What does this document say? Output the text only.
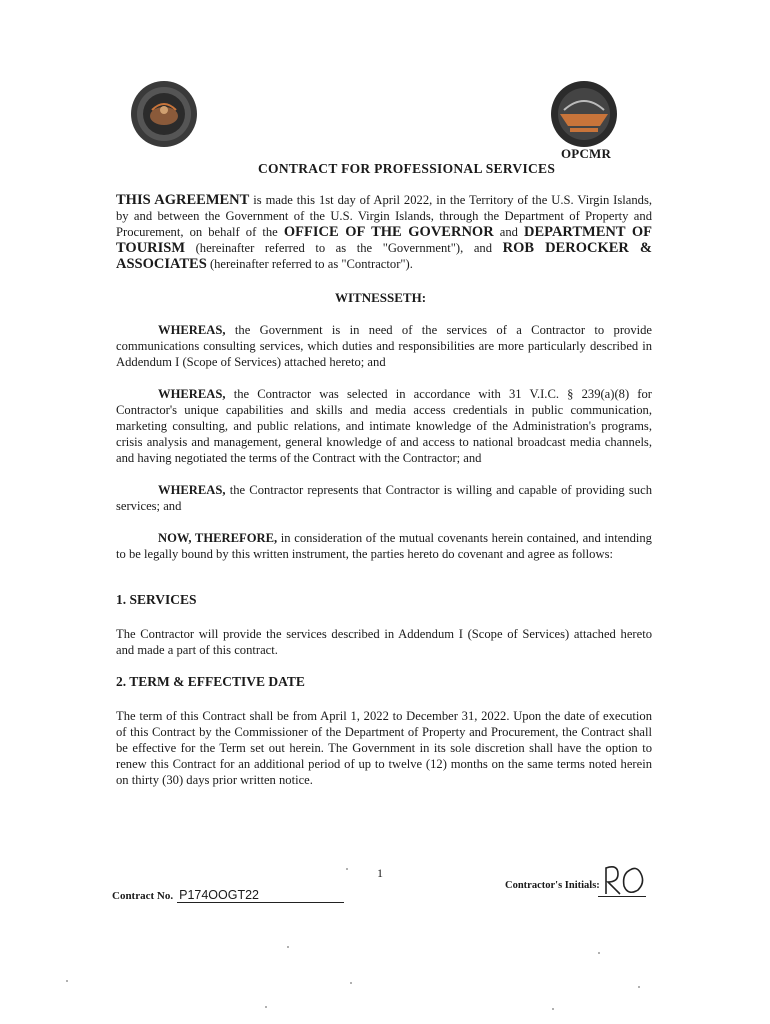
OPCMR
CONTRACT FOR PROFESSIONAL SERVICES

THIS AGREEMENT is made this 1st day of April 2022, in the Territory of the U.S. Virgin Islands, by and between the Government of the U.S. Virgin Islands, through the Department of Property and Procurement, on behalf of the OFFICE OF THE GOVERNOR and DEPARTMENT OF TOURISM (hereinafter referred to as the "Government"), and ROB DEROCKER & ASSOCIATES (hereinafter referred to as "Contractor").

WITNESSETH:

WHEREAS, the Government is in need of the services of a Contractor to provide communications consulting services, which duties and responsibilities are more particularly described in Addendum I (Scope of Services) attached hereto; and

WHEREAS, the Contractor was selected in accordance with 31 V.I.C. § 239(a)(8) for Contractor's unique capabilities and skills and media access credentials in public communication, marketing consulting, and public relations, and intimate knowledge of the Administration's programs, crisis analysis and management, general knowledge of and access to national broadcast media channels, and having negotiated the terms of the Contract with the Contractor; and

WHEREAS, the Contractor represents that Contractor is willing and capable of providing such services; and

NOW, THEREFORE, in consideration of the mutual covenants herein contained, and intending to be legally bound by this written instrument, the parties hereto do covenant and agree as follows:

1. SERVICES

The Contractor will provide the services described in Addendum I (Scope of Services) attached hereto and made a part of this contract.

2. TERM & EFFECTIVE DATE

The term of this Contract shall be from April 1, 2022 to December 31, 2022. Upon the date of execution of this Contract by the Commissioner of the Department of Property and Procurement, the Contract shall be effective for the Term set out herein. The Government in its sole discretion shall have the option to renew this Contract for an additional period of up to twelve (12) months on the same terms noted herein on thirty (30) days prior written notice.

1
Contract No. P174OOGT22
Contractor's Initials:
